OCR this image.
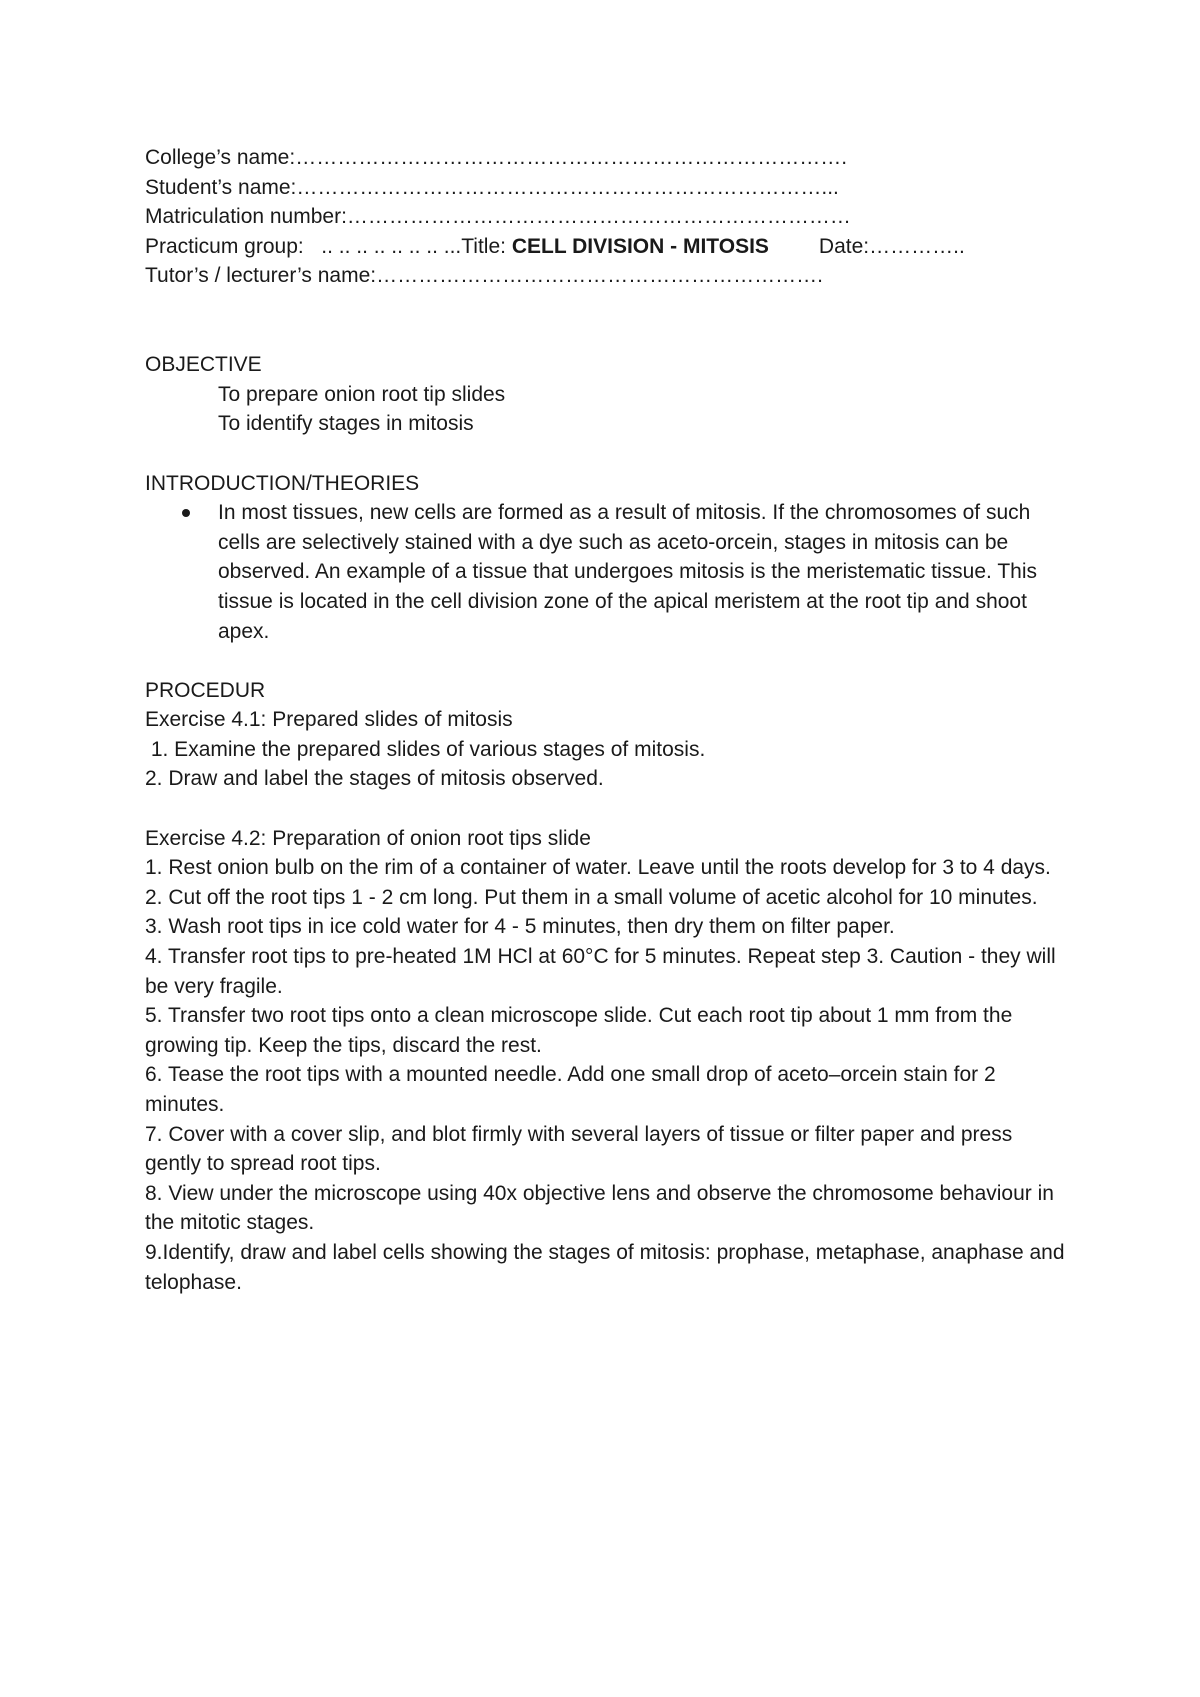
College’s name:…………………………………………………………………….

Student’s name:…………………………………………………………………...

Matriculation number:………………………………………………………………

Practicum group:   .. .. .. .. .. .. .. ...Title: CELL DIVISION - MITOSIS Date:…………..

Tutor’s / lecturer’s name:……………………………………………………….

OBJECTIVE

To prepare onion root tip slides

To identify stages in mitosis

INTRODUCTION/THEORIES

In most tissues, new cells are formed as a result of mitosis. If the chromosomes of such cells are selectively stained with a dye such as aceto-orcein, stages in mitosis can be observed. An example of a tissue that undergoes mitosis is the meristematic tissue. This tissue is located in the cell division zone of the apical meristem at the root tip and shoot apex.

PROCEDUR

Exercise 4.1: Prepared slides of mitosis

1. Examine the prepared slides of various stages of mitosis.

2. Draw and label the stages of mitosis observed.

Exercise 4.2: Preparation of onion root tips slide

1. Rest onion bulb on the rim of a container of water. Leave until the roots develop for 3 to 4 days.

2. Cut off the root tips 1 - 2 cm long. Put them in a small volume of acetic alcohol for 10 minutes.

3. Wash root tips in ice cold water for 4 - 5 minutes, then dry them on filter paper.

4. Transfer root tips to pre-heated 1M HCl at 60°C for 5 minutes. Repeat step 3. Caution - they will be very fragile.

5. Transfer two root tips onto a clean microscope slide. Cut each root tip about 1 mm from the growing tip. Keep the tips, discard the rest.

6. Tease the root tips with a mounted needle. Add one small drop of aceto–orcein stain for 2 minutes.

7. Cover with a cover slip, and blot firmly with several layers of tissue or filter paper and press gently to spread root tips.

8. View under the microscope using 40x objective lens and observe the chromosome behaviour in the mitotic stages.

9.Identify, draw and label cells showing the stages of mitosis: prophase, metaphase, anaphase and telophase.
